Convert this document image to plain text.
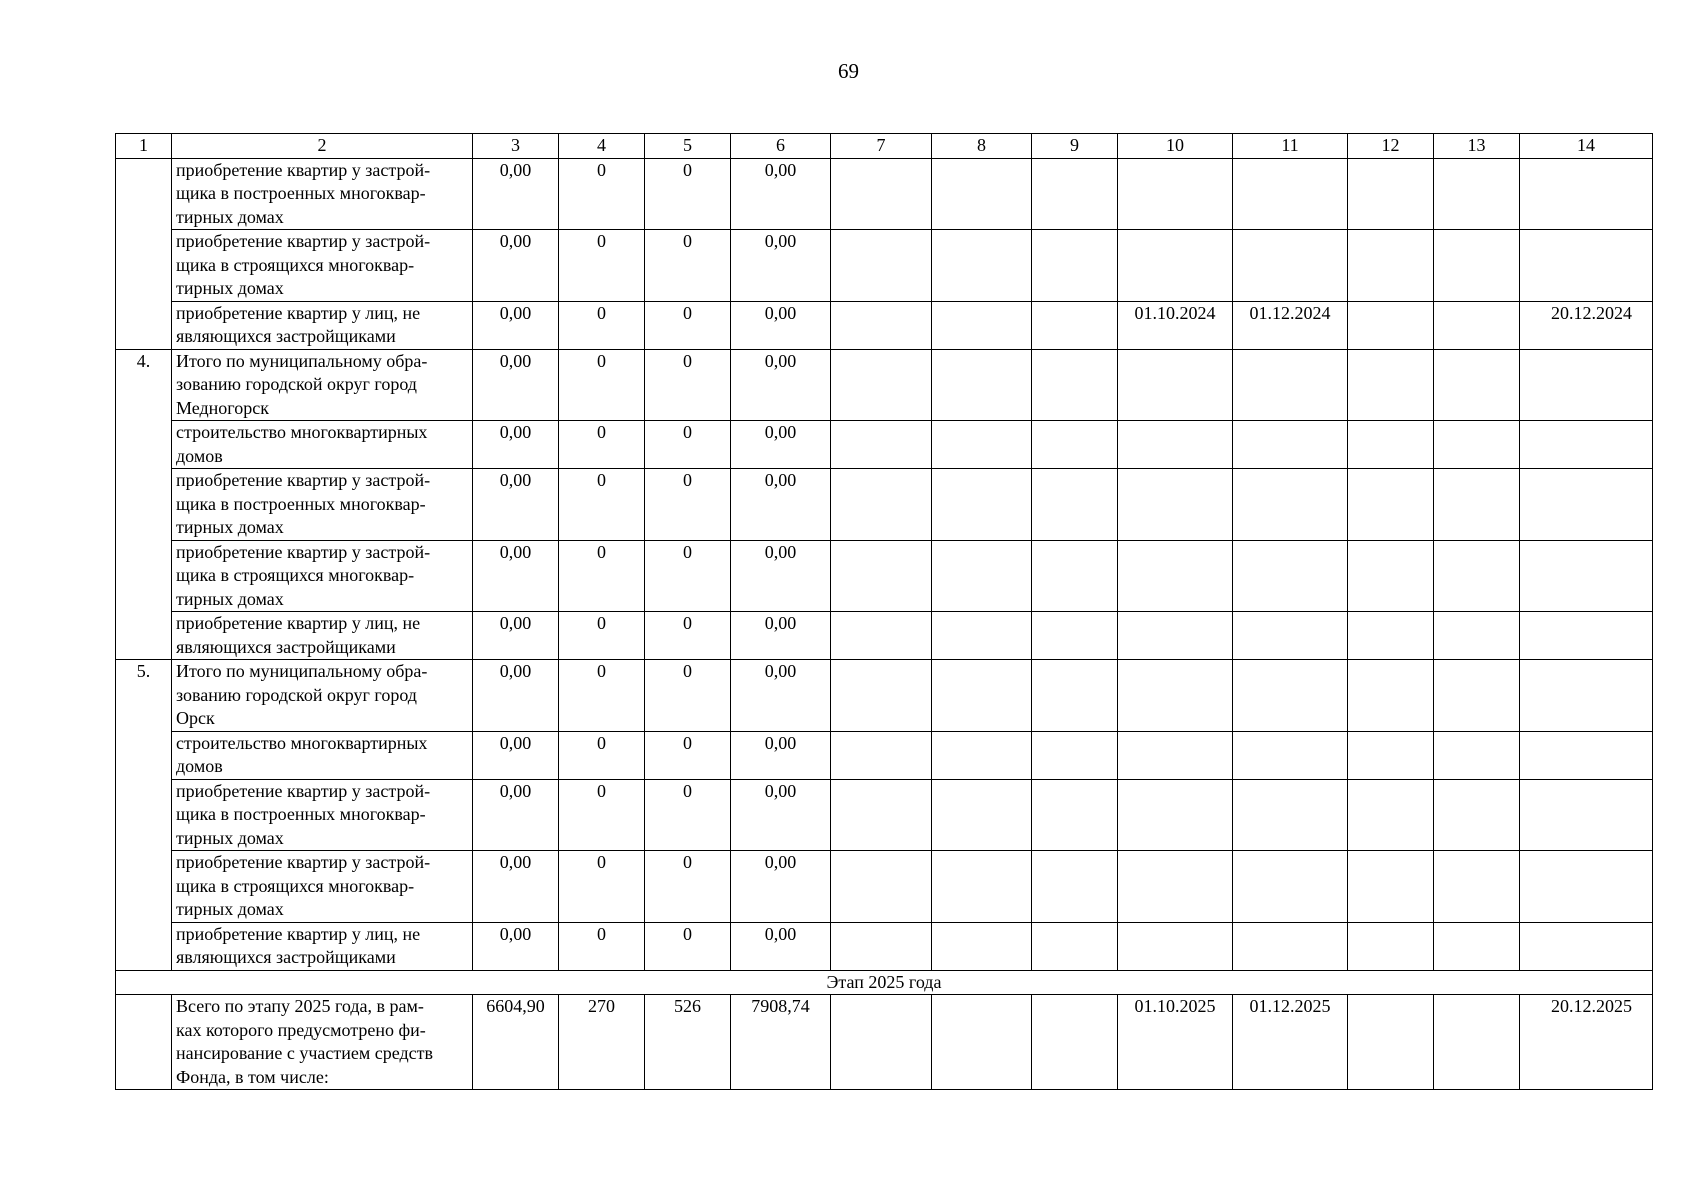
69
1	2	3	4	5	6	7	8	9	10	11	12	13	14
	приобретение квартир у застрой-
щика в построенных многоквар-
тирных домах	0,00	0	0	0,00								
	приобретение квартир у застрой-
щика в строящихся многоквар-
тирных домах	0,00	0	0	0,00								
	приобретение квартир у лиц, не
являющихся застройщиками	0,00	0	0	0,00				01.10.2024	01.12.2024			20.12.2024
4.	Итого по муниципальному обра-
зованию городской округ город
Медногорск	0,00	0	0	0,00								
	строительство многоквартирных
домов	0,00	0	0	0,00								
	приобретение квартир у застрой-
щика в построенных многоквар-
тирных домах	0,00	0	0	0,00								
	приобретение квартир у застрой-
щика в строящихся многоквар-
тирных домах	0,00	0	0	0,00								
	приобретение квартир у лиц, не
являющихся застройщиками	0,00	0	0	0,00								
5.	Итого по муниципальному обра-
зованию городской округ город
Орск	0,00	0	0	0,00								
	строительство многоквартирных
домов	0,00	0	0	0,00								
	приобретение квартир у застрой-
щика в построенных многоквар-
тирных домах	0,00	0	0	0,00								
	приобретение квартир у застрой-
щика в строящихся многоквар-
тирных домах	0,00	0	0	0,00								
	приобретение квартир у лиц, не
являющихся застройщиками	0,00	0	0	0,00								
Этап 2025 года													
	Всего по этапу 2025 года, в рам-
ках которого предусмотрено фи-
нансирование с участием средств
Фонда, в том числе:	6604,90	270	526	7908,74				01.10.2025	01.12.2025			20.12.2025
